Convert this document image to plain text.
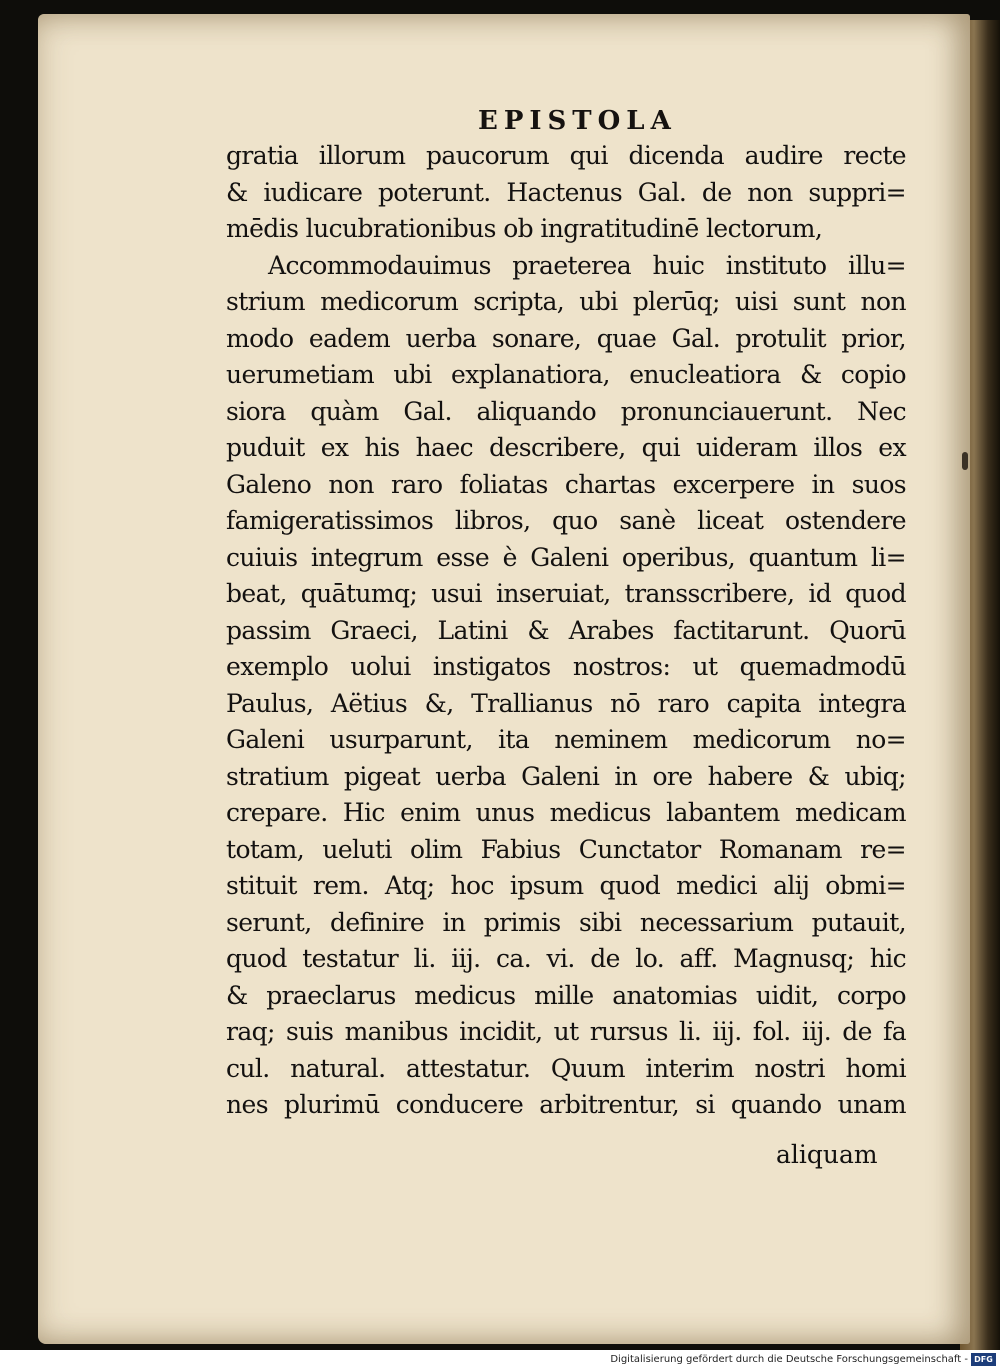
EPISTOLA
gratia illorum paucorum qui dicenda audire recte
& iudicare poterunt. Hactenus Gal. de non suppri=
mēdis lucubrationibus ob ingratitudinē lectorum,
Accommodauimus praeterea huic instituto illu=
strium medicorum scripta, ubi plerūq; uisi sunt non
modo eadem uerba sonare, quae Gal. protulit prior,
uerumetiam ubi explanatiora, enucleatiora & copio
siora quàm Gal. aliquando pronunciauerunt. Nec
puduit ex his haec describere, qui uideram illos ex
Galeno non raro foliatas chartas excerpere in suos
famigeratissimos libros, quo sanè liceat ostendere
cuiuis integrum esse è Galeni operibus, quantum li=
beat, quātumq; usui inseruiat, transscribere, id quod
passim Graeci, Latini & Arabes factitarunt. Quorū
exemplo uolui instigatos nostros: ut quemadmodū
Paulus, Aëtius &, Trallianus nō raro capita integra
Galeni usurparunt, ita neminem medicorum no=
stratium pigeat uerba Galeni in ore habere & ubiq;
crepare. Hic enim unus medicus labantem medicam
totam, ueluti olim Fabius Cunctator Romanam re=
stituit rem. Atq; hoc ipsum quod medici alij obmi=
serunt, definire in primis sibi necessarium putauit,
quod testatur li. iij. ca. vi. de lo. aff. Magnusq; hic
& praeclarus medicus mille anatomias uidit, corpo
raq; suis manibus incidit, ut rursus li. iij. fol. iij. de fa
cul. natural. attestatur. Quum interim nostri homi
nes plurimū conducere arbitrentur, si quando unam
aliquam
Digitalisierung gefördert durch die Deutsche Forschungsgemeinschaft - DFG
